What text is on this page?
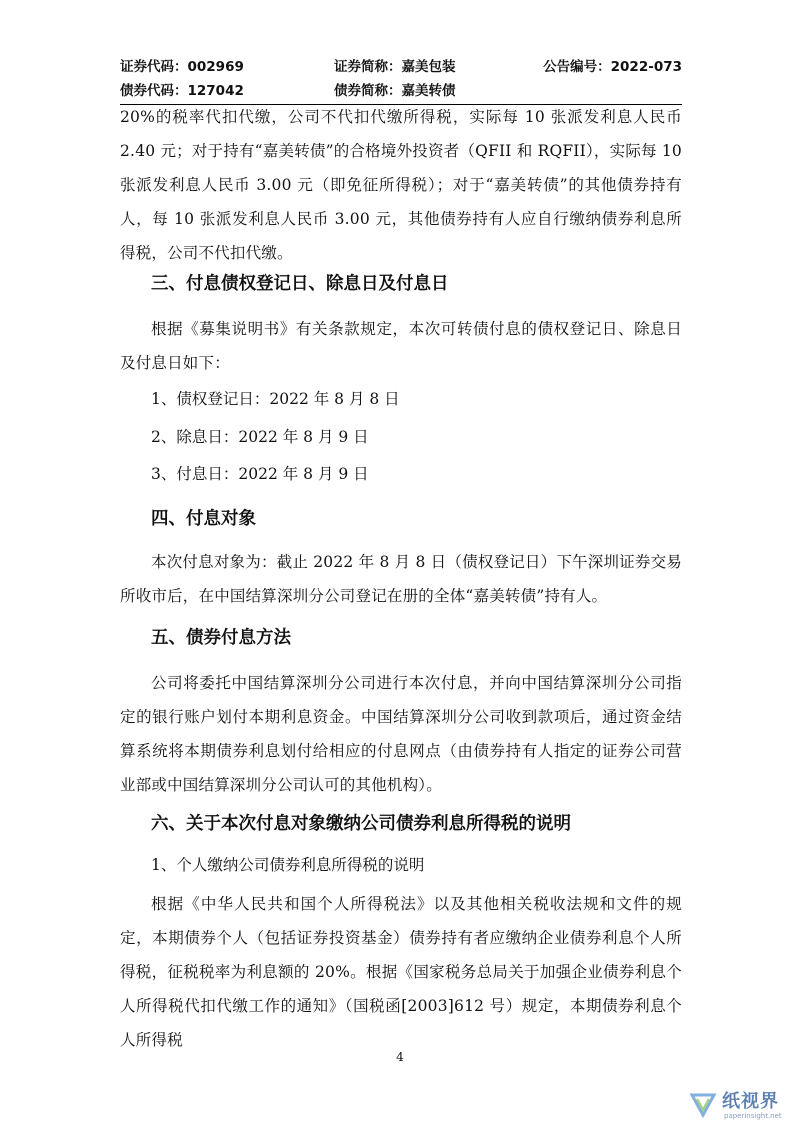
证券代码：002969	证券简称：嘉美包装	公告编号：2022-073
债券代码：127042	债券简称：嘉美转债

20%的税率代扣代缴，公司不代扣代缴所得税，实际每 10 张派发利息人民币 2.40 元；对于持有“嘉美转债”的合格境外投资者（QFII 和 RQFII），实际每 10 张派发利息人民币 3.00 元（即免征所得税）；对于“嘉美转债”的其他债券持有人，每 10 张派发利息人民币 3.00 元，其他债券持有人应自行缴纳债券利息所得税，公司不代扣代缴。

三、付息债权登记日、除息日及付息日

根据《募集说明书》有关条款规定，本次可转债付息的债权登记日、除息日及付息日如下：

1、债权登记日：2022 年 8 月 8 日

2、除息日：2022 年 8 月 9 日

3、付息日：2022 年 8 月 9 日

四、付息对象

本次付息对象为：截止 2022 年 8 月 8 日（债权登记日）下午深圳证券交易所收市后，在中国结算深圳分公司登记在册的全体“嘉美转债”持有人。

五、债券付息方法

公司将委托中国结算深圳分公司进行本次付息，并向中国结算深圳分公司指定的银行账户划付本期利息资金。中国结算深圳分公司收到款项后，通过资金结算系统将本期债券利息划付给相应的付息网点（由债券持有人指定的证券公司营业部或中国结算深圳分公司认可的其他机构）。

六、关于本次付息对象缴纳公司债券利息所得税的说明

1、个人缴纳公司债券利息所得税的说明

根据《中华人民共和国个人所得税法》以及其他相关税收法规和文件的规定，本期债券个人（包括证券投资基金）债券持有者应缴纳企业债券利息个人所得税，征税税率为利息额的 20%。根据《国家税务总局关于加强企业债券利息个人所得税代扣代缴工作的通知》（国税函[2003]612 号）规定，本期债券利息个人所得税

4
纸视界
paperinsight.net
